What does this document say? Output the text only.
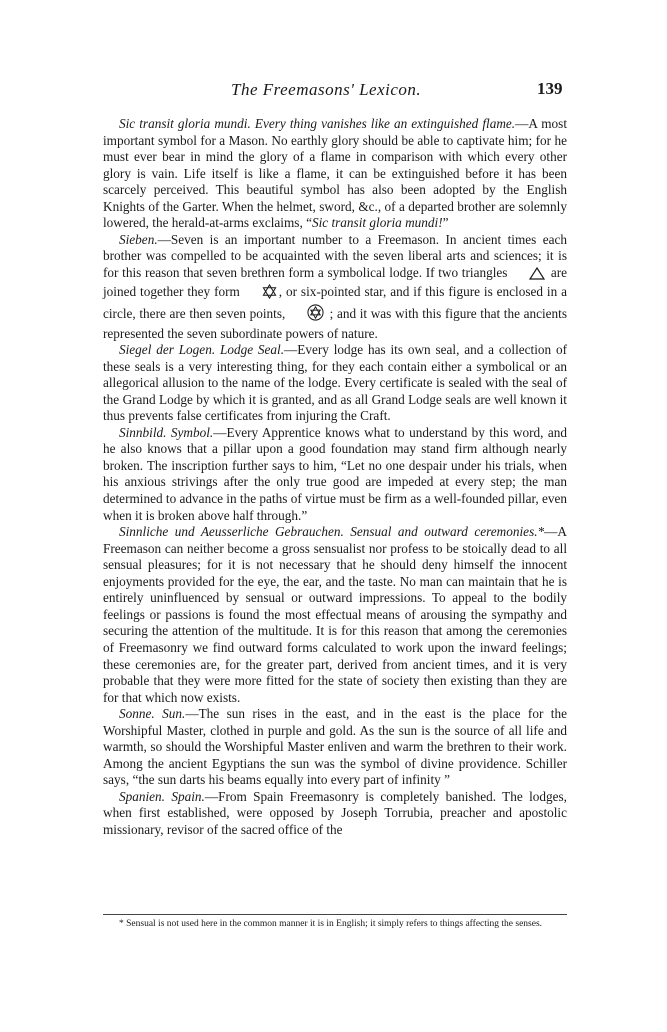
The Freemasons' Lexicon.	139

Sic transit gloria mundi. Every thing vanishes like an extinguished flame.—A most important symbol for a Mason. No earthly glory should be able to captivate him; for he must ever bear in mind the glory of a flame in comparison with which every other glory is vain. Life itself is like a flame, it can be extinguished before it has been scarcely perceived. This beautiful symbol has also been adopted by the English Knights of the Garter. When the helmet, sword, &c., of a departed brother are solemnly lowered, the herald-at-arms exclaims, “Sic transit gloria mundi!”

Sieben.—Seven is an important number to a Freemason. In ancient times each brother was compelled to be acquainted with the seven liberal arts and sciences; it is for this reason that seven brethren form a symbolical lodge. If two triangles	are joined together they form	, or six-pointed star, and if this figure is enclosed in a circle, there are then seven points,	; and it was with this figure that the ancients represented the seven subordinate powers of nature.

Siegel der Logen. Lodge Seal.—Every lodge has its own seal, and a collection of these seals is a very interesting thing, for they each contain either a symbolical or an allegorical allusion to the name of the lodge. Every certificate is sealed with the seal of the Grand Lodge by which it is granted, and as all Grand Lodge seals are well known it thus prevents false certificates from injuring the Craft.

Sinnbild. Symbol.—Every Apprentice knows what to understand by this word, and he also knows that a pillar upon a good foundation may stand firm although nearly broken. The inscription further says to him, “Let no one despair under his trials, when his anxious strivings after the only true good are impeded at every step; the man determined to advance in the paths of virtue must be firm as a well-founded pillar, even when it is broken above half through.”

Sinnliche und Aeusserliche Gebrauchen. Sensual and outward ceremonies.*—A Freemason can neither become a gross sensualist nor profess to be stoically dead to all sensual pleasures; for it is not necessary that he should deny himself the innocent enjoyments provided for the eye, the ear, and the taste. No man can maintain that he is entirely uninfluenced by sensual or outward impressions. To appeal to the bodily feelings or passions is found the most effectual means of arousing the sympathy and securing the attention of the multitude. It is for this reason that among the ceremonies of Freemasonry we find outward forms calculated to work upon the inward feelings; these ceremonies are, for the greater part, derived from ancient times, and it is very probable that they were more fitted for the state of society then existing than they are for that which now exists.

Sonne. Sun.—The sun rises in the east, and in the east is the place for the Worshipful Master, clothed in purple and gold. As the sun is the source of all life and warmth, so should the Worshipful Master enliven and warm the brethren to their work. Among the ancient Egyptians the sun was the symbol of divine providence. Schiller says, “the sun darts his beams equally into every part of infinity ”

Spanien. Spain.—From Spain Freemasonry is completely banished. The lodges, when first established, were opposed by Joseph Torrubia, preacher and apostolic missionary, revisor of the sacred office of the

* Sensual is not used here in the common manner it is in English; it simply refers to things affecting the senses.
